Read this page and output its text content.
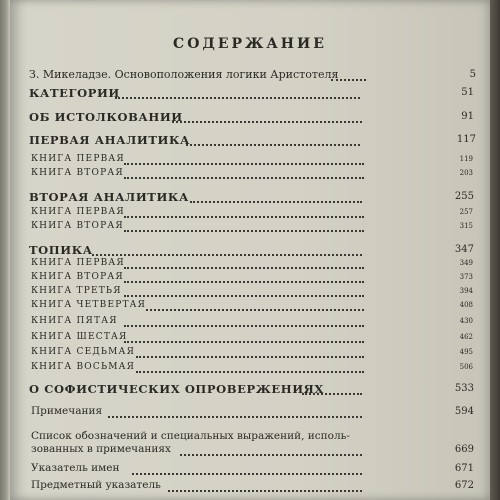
СОДЕРЖАНИЕ
З. Микеладзе. Основоположения логики Аристотеля	5
КАТЕГОРИИ	51
ОБ ИСТОЛКОВАНИИ	91
ПЕРВАЯ АНАЛИТИКА	117
КНИГА ПЕРВАЯ	119
КНИГА ВТОРАЯ	203
ВТОРАЯ АНАЛИТИКА	255
КНИГА ПЕРВАЯ	257
КНИГА ВТОРАЯ	315
ТОПИКА	347
КНИГА ПЕРВАЯ	349
КНИГА ВТОРАЯ	373
КНИГА ТРЕТЬЯ	394
КНИГА ЧЕТВЕРТАЯ	408
КНИГА ПЯТАЯ	430
КНИГА ШЕСТАЯ	462
КНИГА СЕДЬМАЯ	495
КНИГА ВОСЬМАЯ	506
О СОФИСТИЧЕСКИХ ОПРОВЕРЖЕНИЯХ	533
Примечания	594
Список обозначений и специальных выражений, исполь-
зованных в примечаниях	669
Указатель имен	671
Предметный указатель	672
